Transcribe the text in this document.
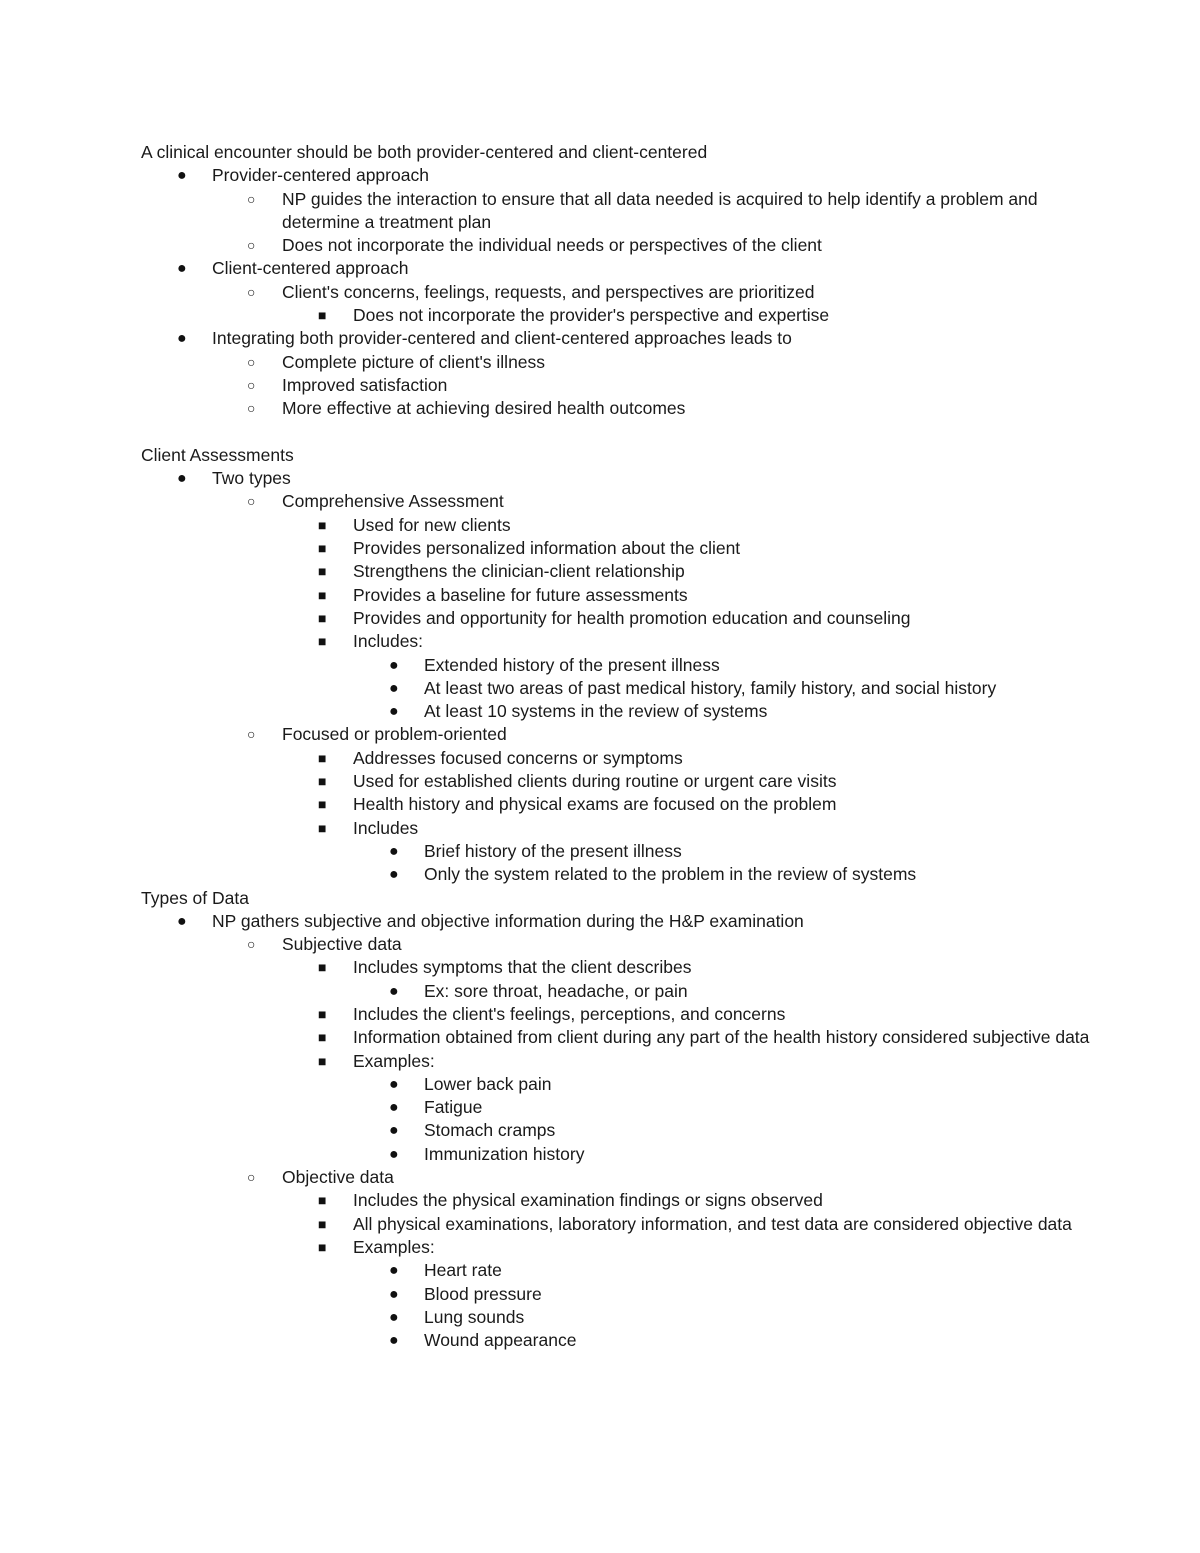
A clinical encounter should be both provider-centered and client-centered
● Provider-centered approach
○ NP guides the interaction to ensure that all data needed is acquired to help identify a problem and determine a treatment plan
○ Does not incorporate the individual needs or perspectives of the client
● Client-centered approach
○ Client's concerns, feelings, requests, and perspectives are prioritized
■ Does not incorporate the provider's perspective and expertise
● Integrating both provider-centered and client-centered approaches leads to
○ Complete picture of client's illness
○ Improved satisfaction
○ More effective at achieving desired health outcomes
Client Assessments
● Two types
○ Comprehensive Assessment
■ Used for new clients
■ Provides personalized information about the client
■ Strengthens the clinician-client relationship
■ Provides a baseline for future assessments
■ Provides and opportunity for health promotion education and counseling
■ Includes:
● Extended history of the present illness
● At least two areas of past medical history, family history, and social history
● At least 10 systems in the review of systems
○ Focused or problem-oriented
■ Addresses focused concerns or symptoms
■ Used for established clients during routine or urgent care visits
■ Health history and physical exams are focused on the problem
■ Includes
● Brief history of the present illness
● Only the system related to the problem in the review of systems
Types of Data
● NP gathers subjective and objective information during the H&P examination
○ Subjective data
■ Includes symptoms that the client describes
● Ex: sore throat, headache, or pain
■ Includes the client's feelings, perceptions, and concerns
■ Information obtained from client during any part of the health history considered subjective data
■ Examples:
● Lower back pain
● Fatigue
● Stomach cramps
● Immunization history
○ Objective data
■ Includes the physical examination findings or signs observed
■ All physical examinations, laboratory information, and test data are considered objective data
■ Examples:
● Heart rate
● Blood pressure
● Lung sounds
● Wound appearance
